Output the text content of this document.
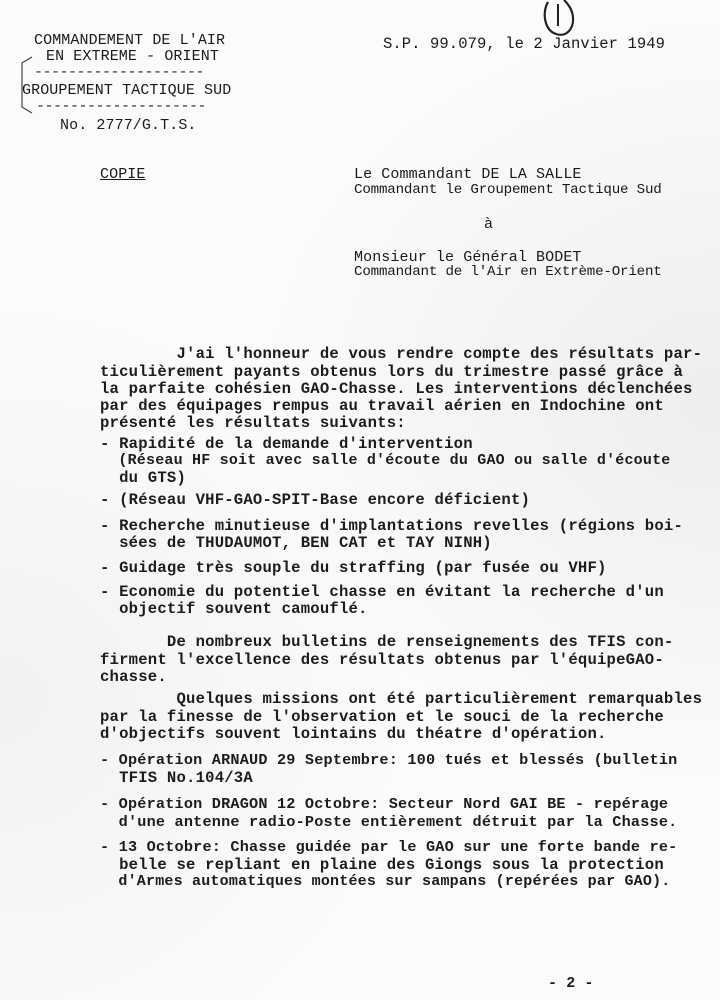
COMMANDEMENT DE L'AIR
EN EXTREME - ORIENT
--------------------
GROUPEMENT TACTIQUE SUD
--------------------
No. 2777/G.T.S.
S.P. 99.079, le 2 Janvier 1949
COPIE	Le Commandant DE LA SALLE
Commandant le Groupement Tactique Sud
à
Monsieur le Général BODET
Commandant de l'Air en Extrème-Orient
J'ai l'honneur de vous rendre compte des résultats par-
ticulièrement payants obtenus lors du trimestre passé grâce à
la parfaite cohésien GAO-Chasse. Les interventions déclenchées
par des équipages rempus au travail aérien en Indochine ont
présenté les résultats suivants:
- Rapidité de la demande d'intervention
(Réseau HF soit avec salle d'écoute du GAO ou salle d'écoute
du GTS)
- (Réseau VHF-GAO-SPIT-Base encore déficient)
- Recherche minutieuse d'implantations revelles (régions boi-
sées de THUDAUMOT, BEN CAT et TAY NINH)
- Guidage très souple du straffing (par fusée ou VHF)
- Economie du potentiel chasse en évitant la recherche d'un
objectif souvent camouflé.
De nombreux bulletins de renseignements des TFIS con-
firment l'excellence des résultats obtenus par l'équipeGAO-
chasse.
Quelques missions ont été particulièrement remarquables
par la finesse de l'observation et le souci de la recherche
d'objectifs souvent lointains du théatre d'opération.
- Opération ARNAUD 29 Septembre: 100 tués et blessés (bulletin
TFIS No.104/3A
- Opération DRAGON 12 Octobre: Secteur Nord GAI BE - repérage
d'une antenne radio-Poste entièrement détruit par la Chasse.
- 13 Octobre: Chasse guidée par le GAO sur une forte bande re-
belle se repliant en plaine des Giongs sous la protection
d'Armes automatiques montées sur sampans (repérées par GAO).
- 2 -
